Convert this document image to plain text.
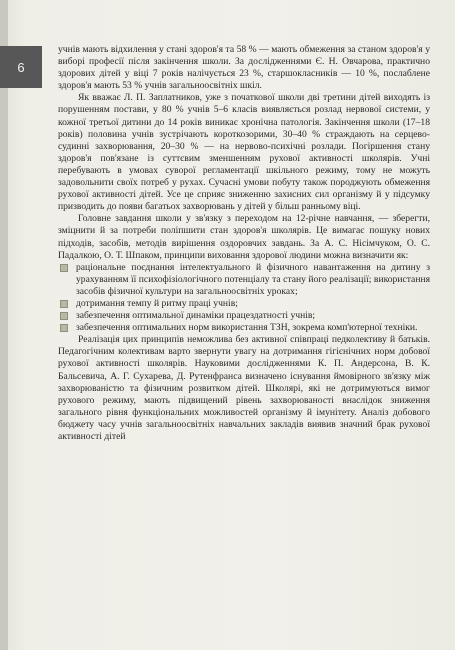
6

учнів мають відхилення у стані здоров'я та 58 % — мають обмеження за станом здоров'я у виборі професії після закінчення школи. За дослідженнями Є. Н. Овчарова, практично здорових дітей у віці 7 років налічується 23 %, старшокласників — 10 %, послаблене здоров'я мають 53 % учнів загальноосвітніх шкіл.

Як вважає Л. П. Заплатников, уже з початкової школи дві третини дітей виходять із порушенням постави, у 80 % учнів 5–6 класів виявляється розлад нервової системи, у кожної третьої дитини до 14 років виникає хронічна патологія. Закінчення школи (17–18 років) половина учнів зустрічають короткозорими, 30–40 % страждають на серцево-судинні захворювання, 20–30 % — на нервово-психічні розлади. Погіршення стану здоров'я пов'язане із суттєвим зменшенням рухової активності школярів. Учні перебувають в умовах суворої регламентації шкільного режиму, тому не можуть задовольнити своїх потреб у рухах. Сучасні умови побуту також породжують обмеження рухової активності дітей. Усе це сприяє зниженню захисних сил організму й у підсумку призводить до появи багатьох захворювань у дітей у більш ранньому віці.

Головне завдання школи у зв'язку з переходом на 12-річне навчання, — зберегти, зміцнити й за потреби поліпшити стан здоров'я школярів. Це вимагає пошуку нових підходів, засобів, методів вирішення оздоровчих завдань. За А. С. Нісімчуком, О. С. Падалкою, О. Т. Шпаком, принципи виховання здорової людини можна визначити як:

раціональне поєднання інтелектуального й фізичного навантаження на дитину з урахуванням її психофізіологічного потенціалу та стану його реалізації; використання засобів фізичної культури на загальноосвітніх уроках;
дотримання темпу й ритму праці учнів;
забезпечення оптимальної динаміки працездатності учнів;
забезпечення оптимальних норм використання ТЗН, зокрема комп'ютерної техніки.

Реалізація цих принципів неможлива без активної співпраці педколективу й батьків. Педагогічним колективам варто звернути увагу на дотримання гігієнічних норм добової рухової активності школярів. Науковими дослідженнями К. П. Андерсона, В. К. Бальсевича, А. Г. Сухарева, Д. Рутенфранса визначено існування ймовірного зв'язку між захворюваністю та фізичним розвитком дітей. Школярі, які не дотримуються вимог рухового режиму, мають підвищений рівень захворюваності внаслідок зниження загального рівня функціональних можливостей організму й імунітету. Аналіз добового бюджету часу учнів загальноосвітніх навчальних закладів виявив значний брак рухової активності дітей
